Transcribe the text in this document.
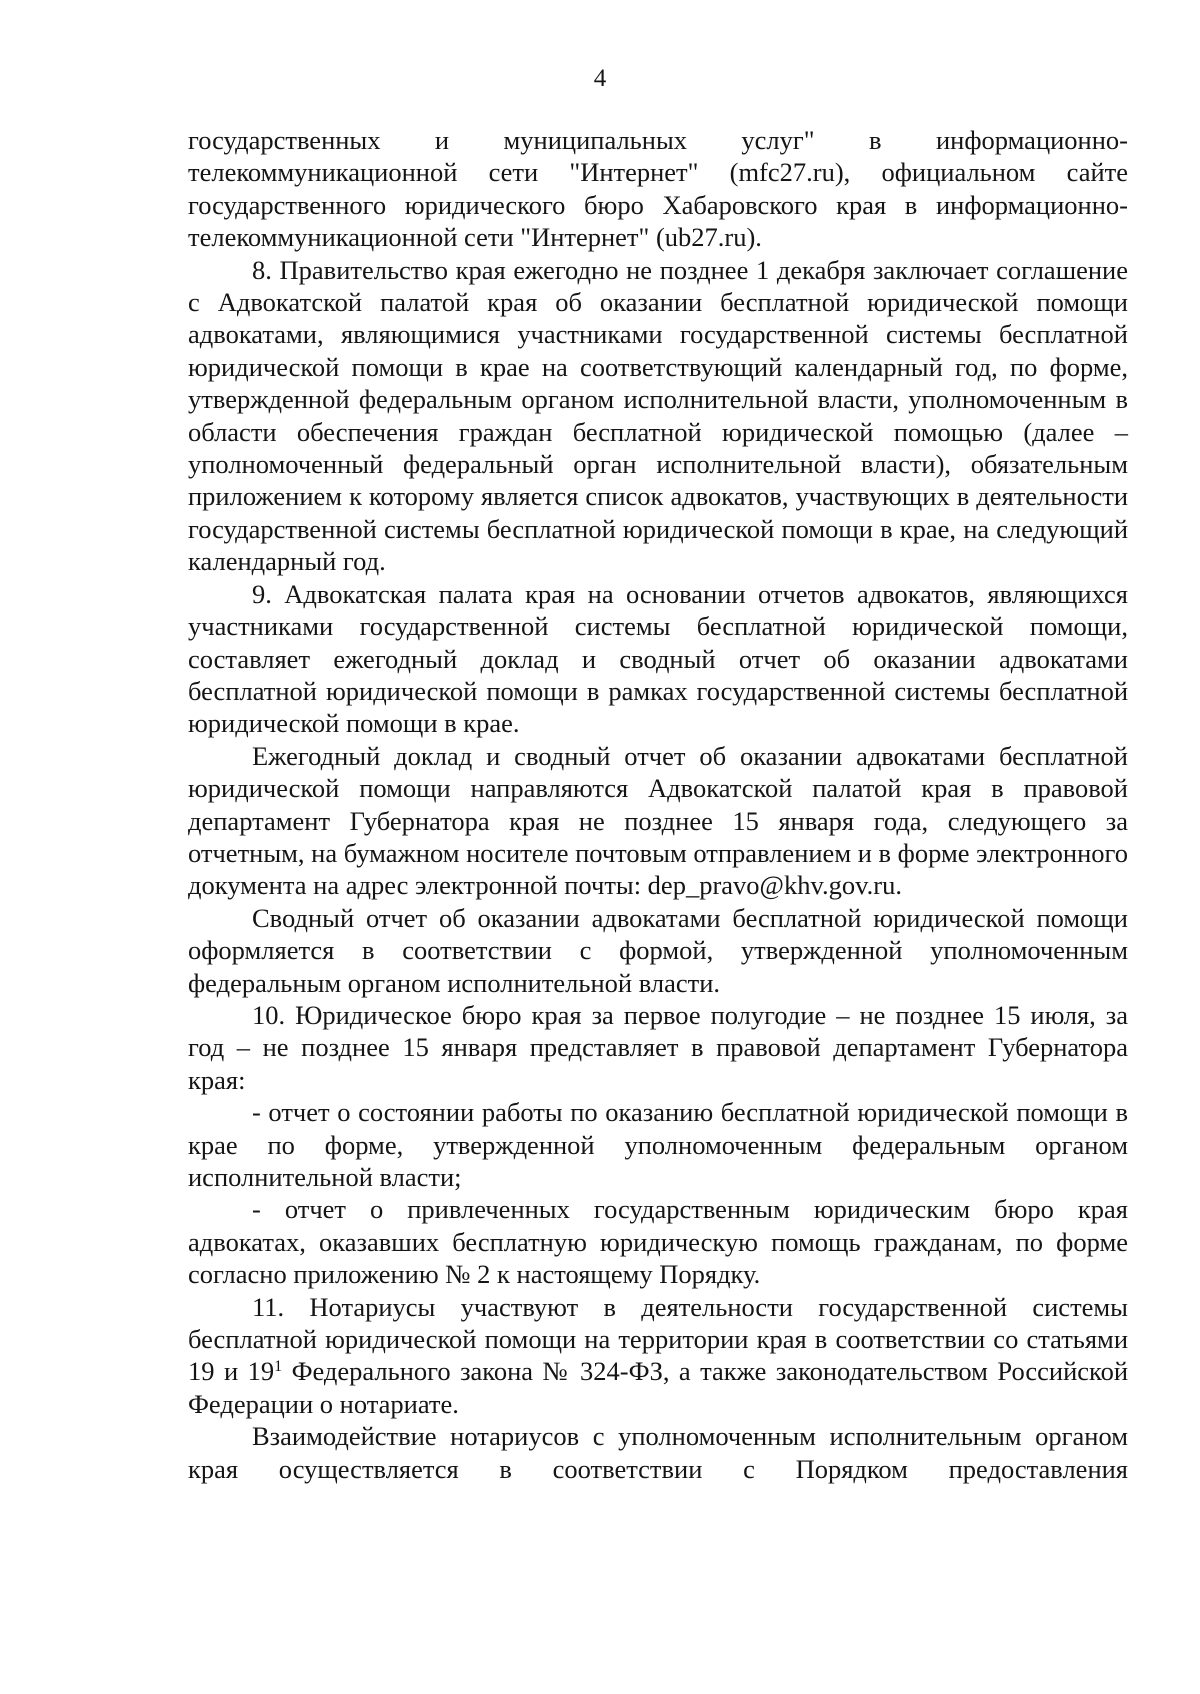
4

государственных и муниципальных услуг" в информационно-телекоммуникационной сети "Интернет" (mfc27.ru), официальном сайте государственного юридического бюро Хабаровского края в информационно-телекоммуникационной сети "Интернет" (ub27.ru).

8. Правительство края ежегодно не позднее 1 декабря заключает соглашение с Адвокатской палатой края об оказании бесплатной юридической помощи адвокатами, являющимися участниками государственной системы бесплатной юридической помощи в крае на соответствующий календарный год, по форме, утвержденной федеральным органом исполнительной власти, уполномоченным в области обеспечения граждан бесплатной юридической помощью (далее – уполномоченный федеральный орган исполнительной власти), обязательным приложением к которому является список адвокатов, участвующих в деятельности государственной системы бесплатной юридической помощи в крае, на следующий календарный год.

9. Адвокатская палата края на основании отчетов адвокатов, являющихся участниками государственной системы бесплатной юридической помощи, составляет ежегодный доклад и сводный отчет об оказании адвокатами бесплатной юридической помощи в рамках государственной системы бесплатной юридической помощи в крае.

Ежегодный доклад и сводный отчет об оказании адвокатами бесплатной юридической помощи направляются Адвокатской палатой края в правовой департамент Губернатора края не позднее 15 января года, следующего за отчетным, на бумажном носителе почтовым отправлением и в форме электронного документа на адрес электронной почты: dep_pravo@khv.gov.ru.

Сводный отчет об оказании адвокатами бесплатной юридической помощи оформляется в соответствии с формой, утвержденной уполномоченным федеральным органом исполнительной власти.

10. Юридическое бюро края за первое полугодие – не позднее 15 июля, за год – не позднее 15 января представляет в правовой департамент Губернатора края:

- отчет о состоянии работы по оказанию бесплатной юридической помощи в крае по форме, утвержденной уполномоченным федеральным органом исполнительной власти;

- отчет о привлеченных государственным юридическим бюро края адвокатах, оказавших бесплатную юридическую помощь гражданам, по форме согласно приложению № 2 к настоящему Порядку.

11. Нотариусы участвуют в деятельности государственной системы бесплатной юридической помощи на территории края в соответствии со статьями 19 и $19^1$ Федерального закона № 324-ФЗ, а также законодательством Российской Федерации о нотариате.

Взаимодействие нотариусов с уполномоченным исполнительным органом края осуществляется в соответствии с Порядком предоставления
